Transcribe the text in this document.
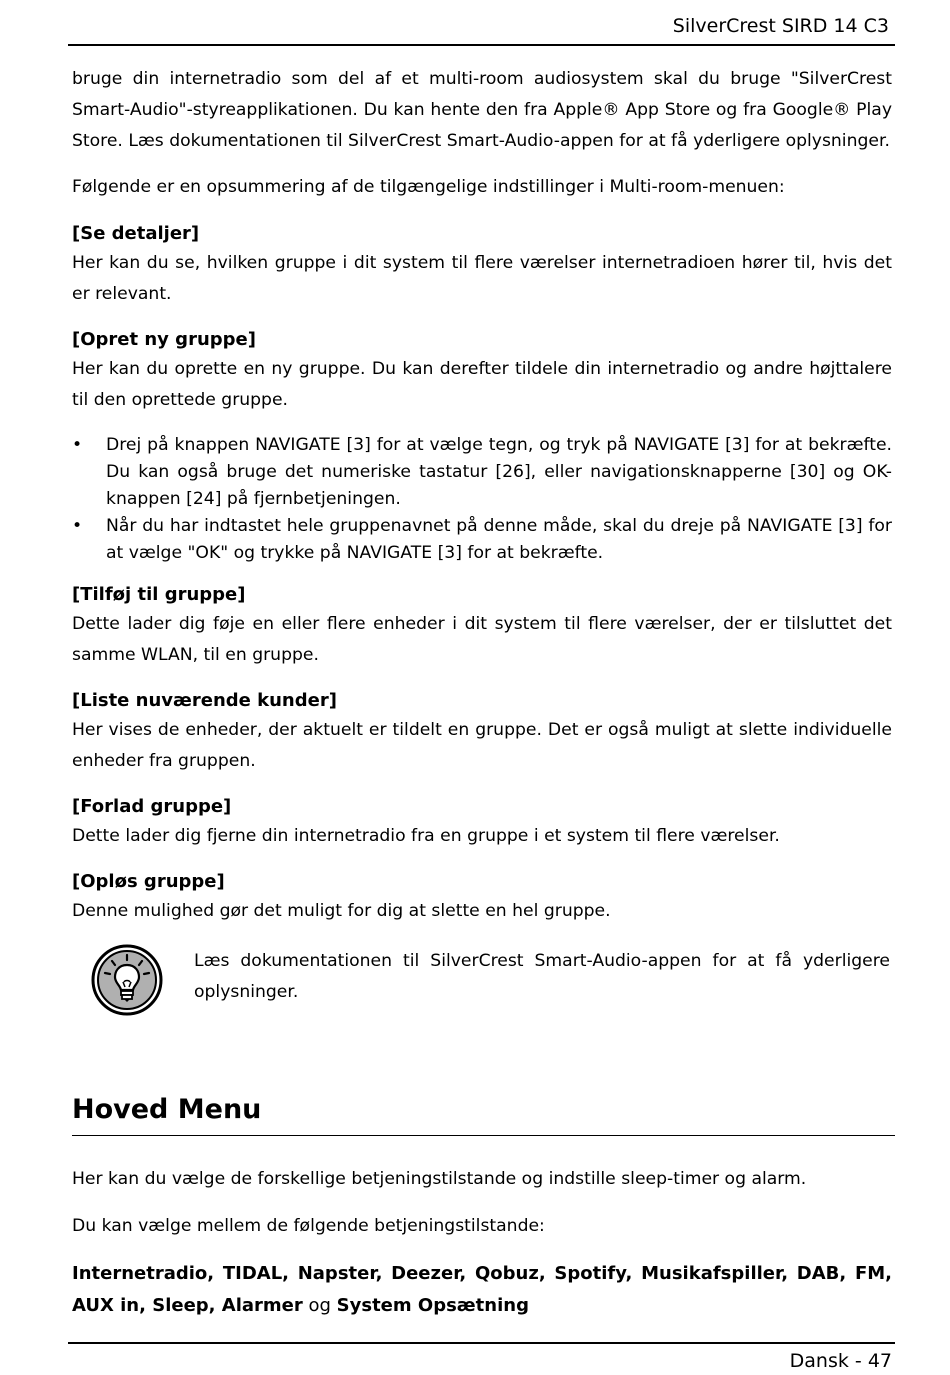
SilverCrest SIRD 14 C3

bruge din internetradio som del af et multi-room audiosystem skal du bruge "SilverCrest Smart-Audio"-styreapplikationen. Du kan hente den fra Apple® App Store og fra Google® Play Store. Læs dokumentationen til SilverCrest Smart-Audio-appen for at få yderligere oplysninger.

Følgende er en opsummering af de tilgængelige indstillinger i Multi-room-menuen:

[Se detaljer]

Her kan du se, hvilken gruppe i dit system til flere værelser internetradioen hører til, hvis det er relevant.

[Opret ny gruppe]

Her kan du oprette en ny gruppe. Du kan derefter tildele din internetradio og andre højttalere til den oprettede gruppe.

• Drej på knappen NAVIGATE [3] for at vælge tegn, og tryk på NAVIGATE [3] for at bekræfte. Du kan også bruge det numeriske tastatur [26], eller navigationsknapperne [30] og OK-knappen [24] på fjernbetjeningen.
• Når du har indtastet hele gruppenavnet på denne måde, skal du dreje på NAVIGATE [3] for at vælge "OK" og trykke på NAVIGATE [3] for at bekræfte.
[Tilføj til gruppe]

Dette lader dig føje en eller flere enheder i dit system til flere værelser, der er tilsluttet det samme WLAN, til en gruppe.

[Liste nuværende kunder]

Her vises de enheder, der aktuelt er tildelt en gruppe. Det er også muligt at slette individuelle enheder fra gruppen.

[Forlad gruppe]

Dette lader dig fjerne din internetradio fra en gruppe i et system til flere værelser.

[Opløs gruppe]

Denne mulighed gør det muligt for dig at slette en hel gruppe.

Læs dokumentationen til SilverCrest Smart-Audio-appen for at få yderligere oplysninger.
Hoved Menu

Her kan du vælge de forskellige betjeningstilstande og indstille sleep-timer og alarm.

Du kan vælge mellem de følgende betjeningstilstande:

Internetradio, TIDAL, Napster, Deezer, Qobuz, Spotify, Musikafspiller, DAB, FM, AUX in, Sleep, Alarmer og System Opsætning

Dansk - 47
